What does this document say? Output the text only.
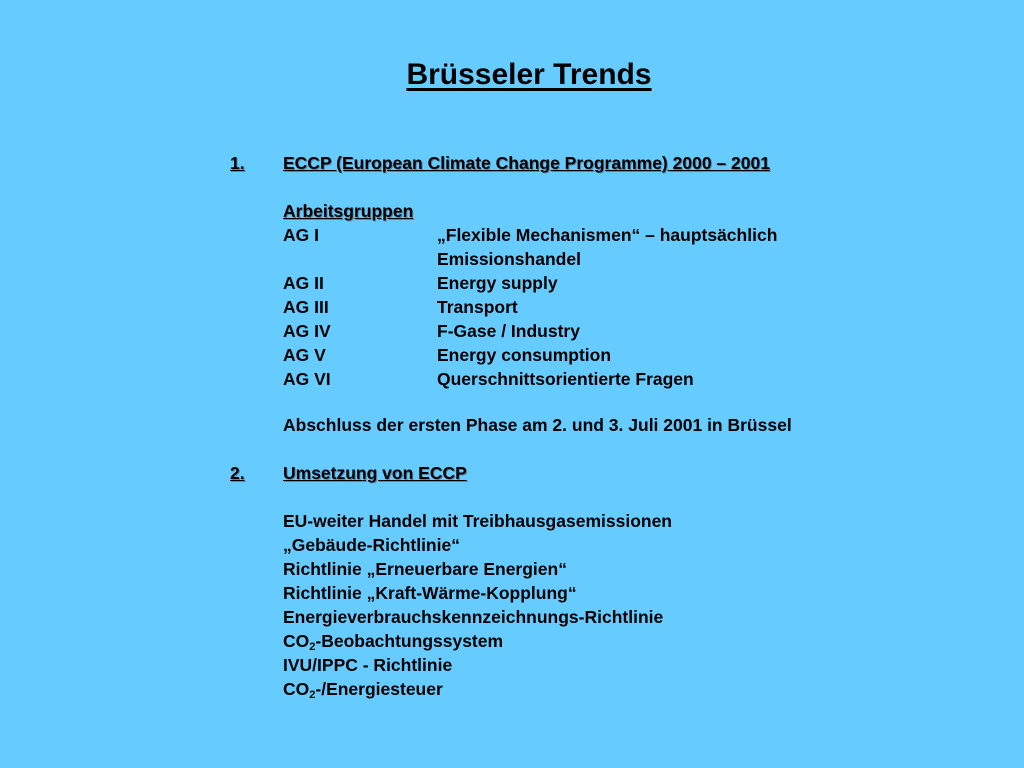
Brüsseler Trends
1. ECCP (European Climate Change Programme) 2000 – 2001
Arbeitsgruppen
AG I	„Flexible Mechanismen“ – hauptsächlich
Emissionshandel
AG II	Energy supply
AG III	Transport
AG IV	F-Gase / Industry
AG V	Energy consumption
AG VI	Querschnittsorientierte Fragen
Abschluss der ersten Phase am 2. und 3. Juli 2001 in Brüssel
2. Umsetzung von ECCP
EU-weiter Handel mit Treibhausgasemissionen
„Gebäude-Richtlinie“
Richtlinie „Erneuerbare Energien“
Richtlinie „Kraft-Wärme-Kopplung“
Energieverbrauchskennzeichnungs-Richtlinie
$CO_2$-Beobachtungssystem
IVU/IPPC - Richtlinie
$CO_2-$/Energiesteuer
